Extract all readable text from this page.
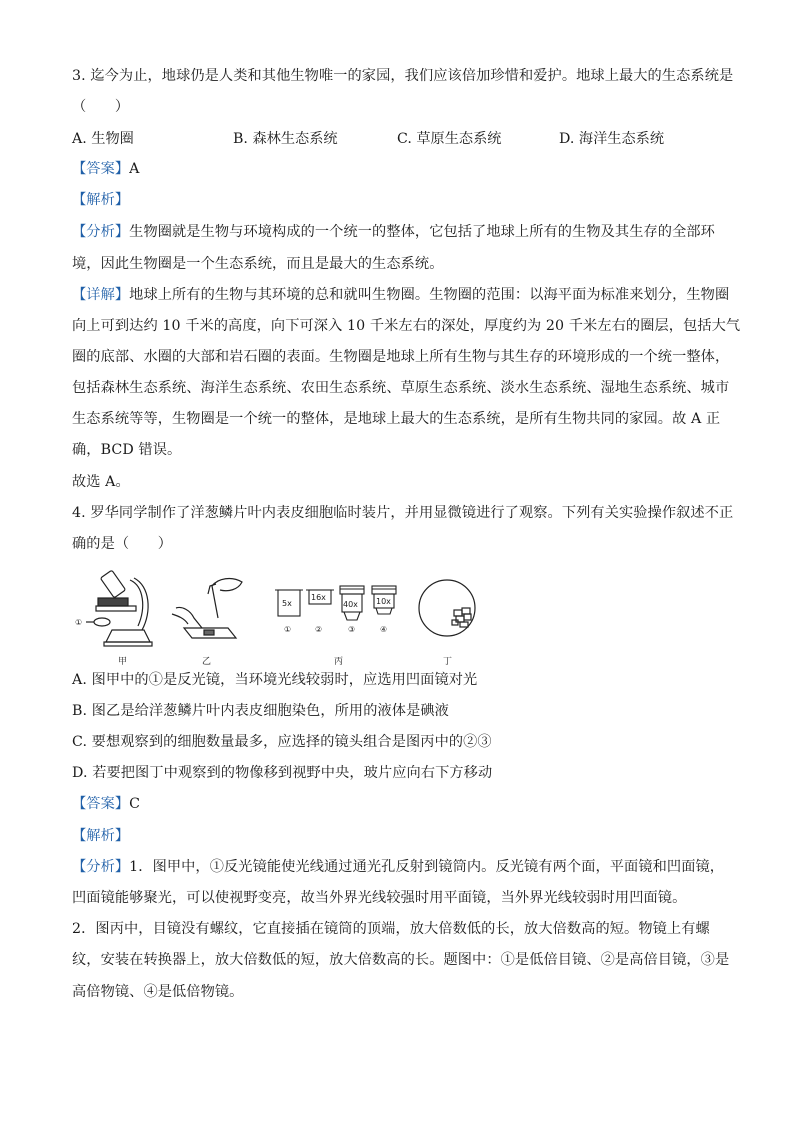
3. 迄今为止，地球仍是人类和其他生物唯一的家园，我们应该倍加珍惜和爱护。地球上最大的生态系统是
（　　）
A. 生物圈	B. 森林生态系统	C. 草原生态系统	D. 海洋生态系统
【答案】A
【解析】
【分析】生物圈就是生物与环境构成的一个统一的整体，它包括了地球上所有的生物及其生存的全部环
境，因此生物圈是一个生态系统，而且是最大的生态系统。
【详解】地球上所有的生物与其环境的总和就叫生物圈。生物圈的范围：以海平面为标准来划分，生物圈
向上可到达约 10 千米的高度，向下可深入 10 千米左右的深处，厚度约为 20 千米左右的圈层，包括大气
圈的底部、水圈的大部和岩石圈的表面。生物圈是地球上所有生物与其生存的环境形成的一个统一整体，
包括森林生态系统、海洋生态系统、农田生态系统、草原生态系统、淡水生态系统、湿地生态系统、城市
生态系统等等，生物圈是一个统一的整体，是地球上最大的生态系统，是所有生物共同的家园。故 A 正
确，BCD 错误。
故选 A。
4. 罗华同学制作了洋葱鳞片叶内表皮细胞临时装片，并用显微镜进行了观察。下列有关实验操作叙述不正
确的是（　　）
①
甲	乙
5x
16x
40x 10x
①	②	③	④
丙	丁
A. 图甲中的①是反光镜，当环境光线较弱时，应选用凹面镜对光
B. 图乙是给洋葱鳞片叶内表皮细胞染色，所用的液体是碘液
C. 要想观察到的细胞数量最多，应选择的镜头组合是图丙中的②③
D. 若要把图丁中观察到的物像移到视野中央，玻片应向右下方移动
【答案】C
【解析】
【分析】1．图甲中，①反光镜能使光线通过通光孔反射到镜筒内。反光镜有两个面，平面镜和凹面镜，
凹面镜能够聚光，可以使视野变亮，故当外界光线较强时用平面镜，当外界光线较弱时用凹面镜。
2．图丙中，目镜没有螺纹，它直接插在镜筒的顶端，放大倍数低的长，放大倍数高的短。物镜上有螺
纹，安装在转换器上，放大倍数低的短，放大倍数高的长。题图中：①是低倍目镜、②是高倍目镜，③是
高倍物镜、④是低倍物镜。
